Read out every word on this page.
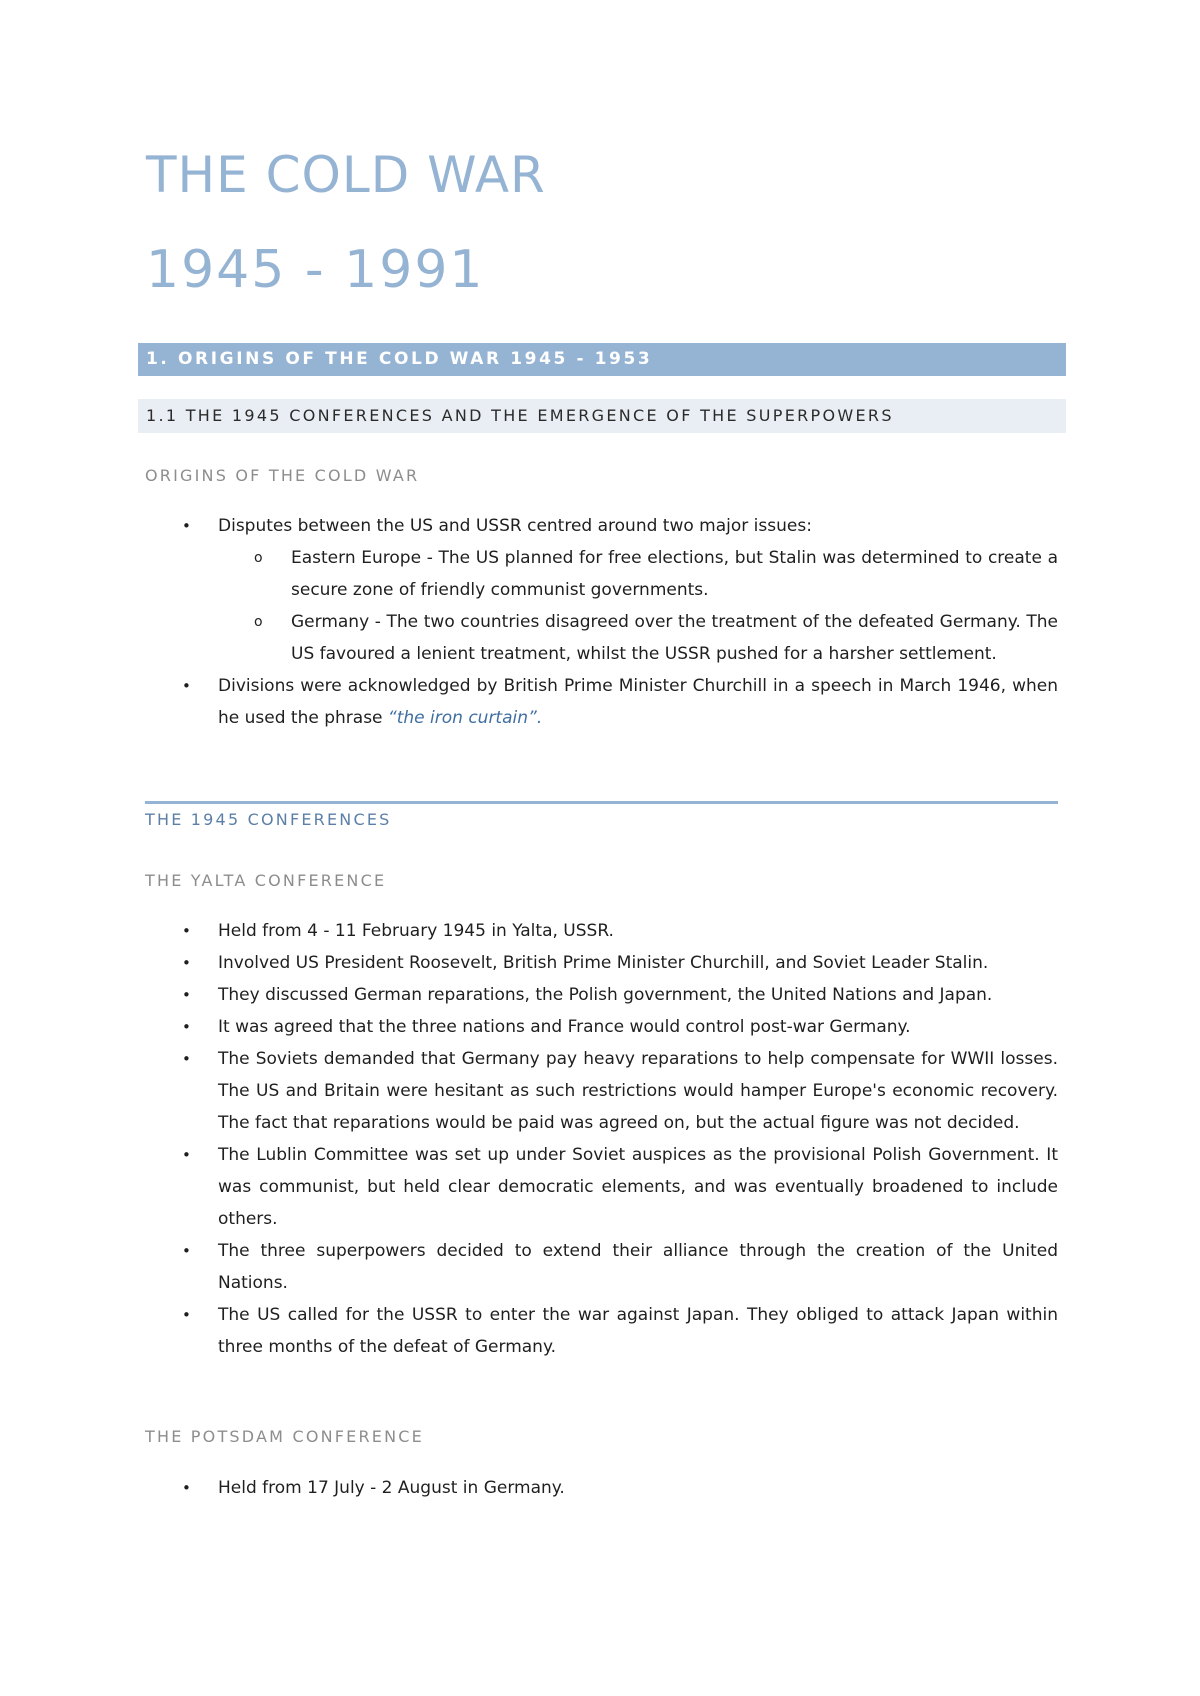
THE COLD WAR
1945 - 1991
1. ORIGINS OF THE COLD WAR 1945 - 1953
1.1 THE 1945 CONFERENCES AND THE EMERGENCE OF THE SUPERPOWERS
ORIGINS OF THE COLD WAR
• Disputes between the US and USSR centred around two major issues:
o Eastern Europe - The US planned for free elections, but Stalin was determined to create a secure zone of friendly communist governments.
o Germany - The two countries disagreed over the treatment of the defeated Germany. The US favoured a lenient treatment, whilst the USSR pushed for a harsher settlement.
• Divisions were acknowledged by British Prime Minister Churchill in a speech in March 1946, when he used the phrase “the iron curtain”.
THE 1945 CONFERENCES
THE YALTA CONFERENCE
• Held from 4 - 11 February 1945 in Yalta, USSR.
• Involved US President Roosevelt, British Prime Minister Churchill, and Soviet Leader Stalin.
• They discussed German reparations, the Polish government, the United Nations and Japan.
• It was agreed that the three nations and France would control post-war Germany.
• The Soviets demanded that Germany pay heavy reparations to help compensate for WWII losses. The US and Britain were hesitant as such restrictions would hamper Europe's economic recovery. The fact that reparations would be paid was agreed on, but the actual figure was not decided.
• The Lublin Committee was set up under Soviet auspices as the provisional Polish Government. It was communist, but held clear democratic elements, and was eventually broadened to include others.
• The three superpowers decided to extend their alliance through the creation of the United Nations.
• The US called for the USSR to enter the war against Japan. They obliged to attack Japan within three months of the defeat of Germany.
THE POTSDAM CONFERENCE
• Held from 17 July - 2 August in Germany.
